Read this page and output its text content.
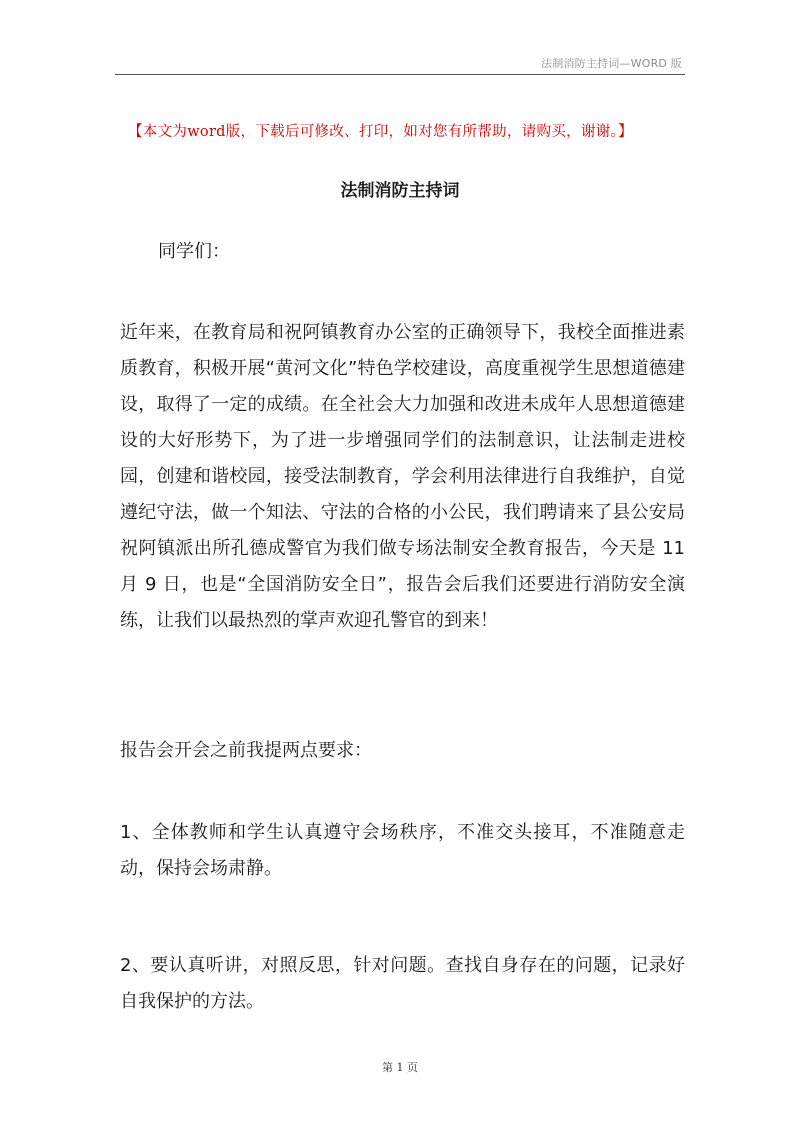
法制消防主持词—WORD 版
【本文为word版，下载后可修改、打印，如对您有所帮助，请购买，谢谢。】
法制消防主持词

同学们：

近年来，在教育局和祝阿镇教育办公室的正确领导下，我校全面推进素质教育，积极开展“黄河文化”特色学校建设，高度重视学生思想道德建设，取得了一定的成绩。在全社会大力加强和改进未成年人思想道德建设的大好形势下，为了进一步增强同学们的法制意识，让法制走进校园，创建和谐校园，接受法制教育，学会利用法律进行自我维护，自觉遵纪守法，做一个知法、守法的合格的小公民，我们聘请来了县公安局祝阿镇派出所孔德成警官为我们做专场法制安全教育报告，今天是 11 月 9 日，也是“全国消防安全日”，报告会后我们还要进行消防安全演练，让我们以最热烈的掌声欢迎孔警官的到来！

报告会开会之前我提两点要求：

1、全体教师和学生认真遵守会场秩序，不准交头接耳，不准随意走动，保持会场肃静。

2、要认真听讲，对照反思，针对问题。查找自身存在的问题，记录好自我保护的方法。

第 1 页
